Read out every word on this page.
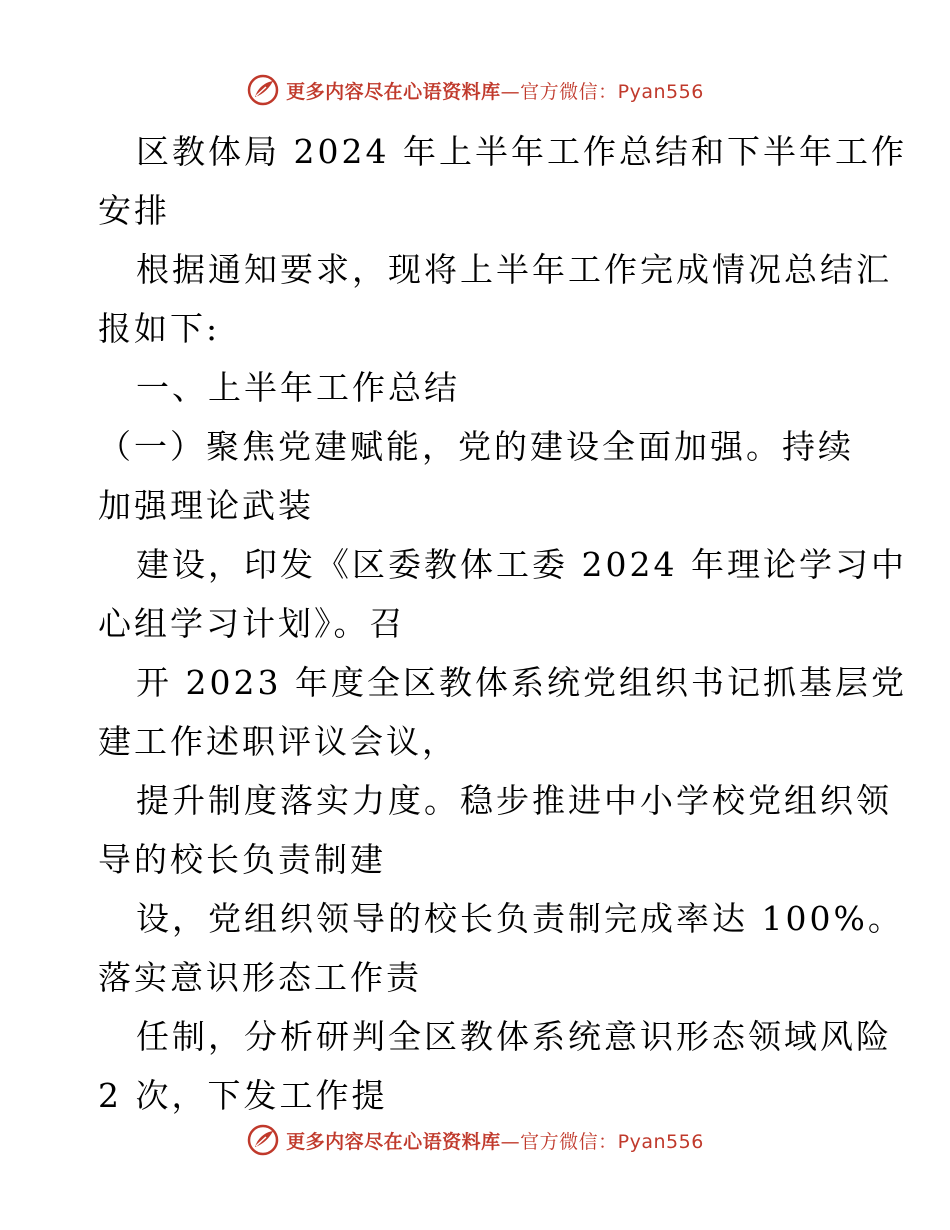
更多内容尽在心语资料库—官方微信：Pyan556
区教体局 2024 年上半年工作总结和下半年工作
安排
根据通知要求，现将上半年工作完成情况总结汇
报如下:
一、上半年工作总结
（一）聚焦党建赋能，党的建设全面加强。持续
加强理论武装
建设，印发《区委教体工委 2024 年理论学习中
心组学习计划》。召
开 2023 年度全区教体系统党组织书记抓基层党
建工作述职评议会议，
提升制度落实力度。稳步推进中小学校党组织领
导的校长负责制建
设，党组织领导的校长负责制完成率达 100%。
落实意识形态工作责
任制，分析研判全区教体系统意识形态领域风险
2 次，下发工作提
更多内容尽在心语资料库—官方微信：Pyan556
